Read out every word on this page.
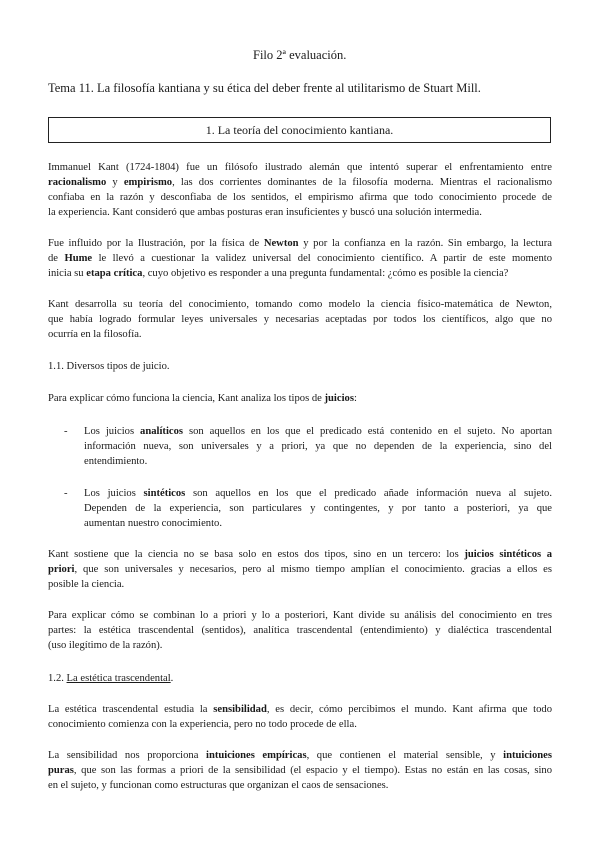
Filo 2ª evaluación.
Tema 11. La filosofía kantiana y su ética del deber frente al utilitarismo de Stuart Mill.
1. La teoría del conocimiento kantiana.
Immanuel Kant (1724-1804) fue un filósofo ilustrado alemán que intentó superar el enfrentamiento entre
racionalismo y empirismo, las dos corrientes dominantes de la filosofía moderna. Mientras el racionalismo
confiaba en la razón y desconfiaba de los sentidos, el empirismo afirma que todo conocimiento procede de
la experiencia. Kant consideró que ambas posturas eran insuficientes y buscó una solución intermedia.
Fue influido por la Ilustración, por la física de Newton y por la confianza en la razón. Sin embargo, la lectura
de Hume le llevó a cuestionar la validez universal del conocimiento científico. A partir de este momento
inicia su etapa crítica, cuyo objetivo es responder a una pregunta fundamental: ¿cómo es posible la ciencia?
Kant desarrolla su teoría del conocimiento, tomando como modelo la ciencia físico-matemática de Newton,
que había logrado formular leyes universales y necesarias aceptadas por todos los científicos, algo que no
ocurría en la filosofía.
1.1. Diversos tipos de juicio.
Para explicar cómo funciona la ciencia, Kant analiza los tipos de juicios:
- Los juicios analíticos son aquellos en los que el predicado está contenido en el sujeto. No aportan
información nueva, son universales y a priori, ya que no dependen de la experiencia, sino del
entendimiento.
- Los juicios sintéticos son aquellos en los que el predicado añade información nueva al sujeto.
Dependen de la experiencia, son particulares y contingentes, y por tanto a posteriori, ya que
aumentan nuestro conocimiento.
Kant sostiene que la ciencia no se basa solo en estos dos tipos, sino en un tercero: los juicios sintéticos a
priori, que son universales y necesarios, pero al mismo tiempo amplían el conocimiento. gracias a ellos es
posible la ciencia.
Para explicar cómo se combinan lo a priori y lo a posteriori, Kant divide su análisis del conocimiento en tres
partes: la estética trascendental (sentidos), analítica trascendental (entendimiento) y dialéctica trascendental
(uso ilegítimo de la razón).
1.2. La estética trascendental.
La estética trascendental estudia la sensibilidad, es decir, cómo percibimos el mundo. Kant afirma que todo
conocimiento comienza con la experiencia, pero no todo procede de ella.
La sensibilidad nos proporciona intuiciones empíricas, que contienen el material sensible, y intuiciones
puras, que son las formas a priori de la sensibilidad (el espacio y el tiempo). Estas no están en las cosas, sino
en el sujeto, y funcionan como estructuras que organizan el caos de sensaciones.
